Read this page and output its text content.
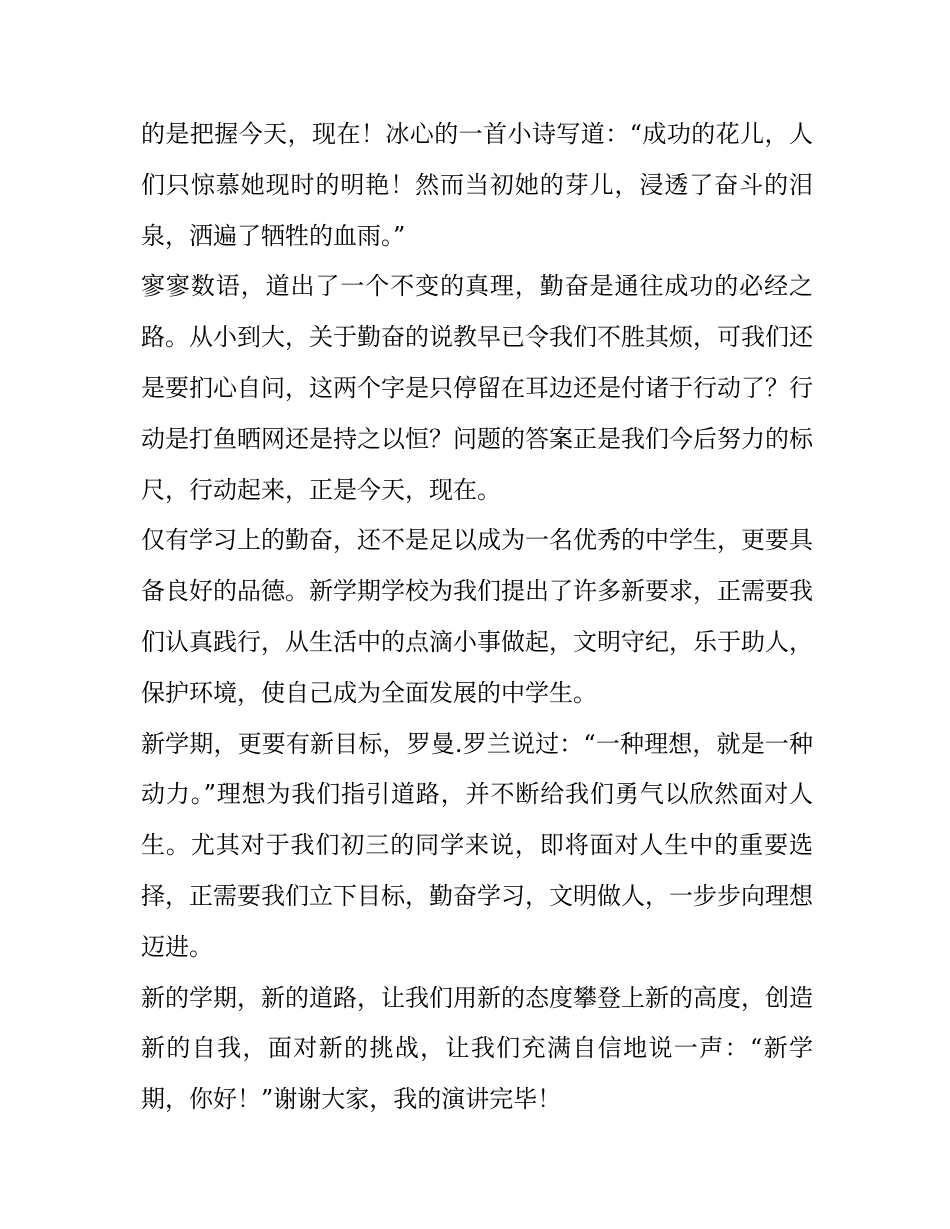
的是把握今天，现在！冰心的一首小诗写道：“成功的花儿，人们只惊慕她现时的明艳！然而当初她的芽儿，浸透了奋斗的泪泉，洒遍了牺牲的血雨。”

寥寥数语，道出了一个不变的真理，勤奋是通往成功的必经之路。从小到大，关于勤奋的说教早已令我们不胜其烦，可我们还是要扪心自问，这两个字是只停留在耳边还是付诸于行动了？行动是打鱼晒网还是持之以恒？问题的答案正是我们今后努力的标尺，行动起来，正是今天，现在。

仅有学习上的勤奋，还不是足以成为一名优秀的中学生，更要具备良好的品德。新学期学校为我们提出了许多新要求，正需要我们认真践行，从生活中的点滴小事做起，文明守纪，乐于助人，保护环境，使自己成为全面发展的中学生。

新学期，更要有新目标，罗曼.罗兰说过：“一种理想，就是一种动力。”理想为我们指引道路，并不断给我们勇气以欣然面对人生。尤其对于我们初三的同学来说，即将面对人生中的重要选择，正需要我们立下目标，勤奋学习，文明做人，一步步向理想迈进。

新的学期，新的道路，让我们用新的态度攀登上新的高度，创造新的自我，面对新的挑战，让我们充满自信地说一声：“新学期，你好！”谢谢大家，我的演讲完毕！
